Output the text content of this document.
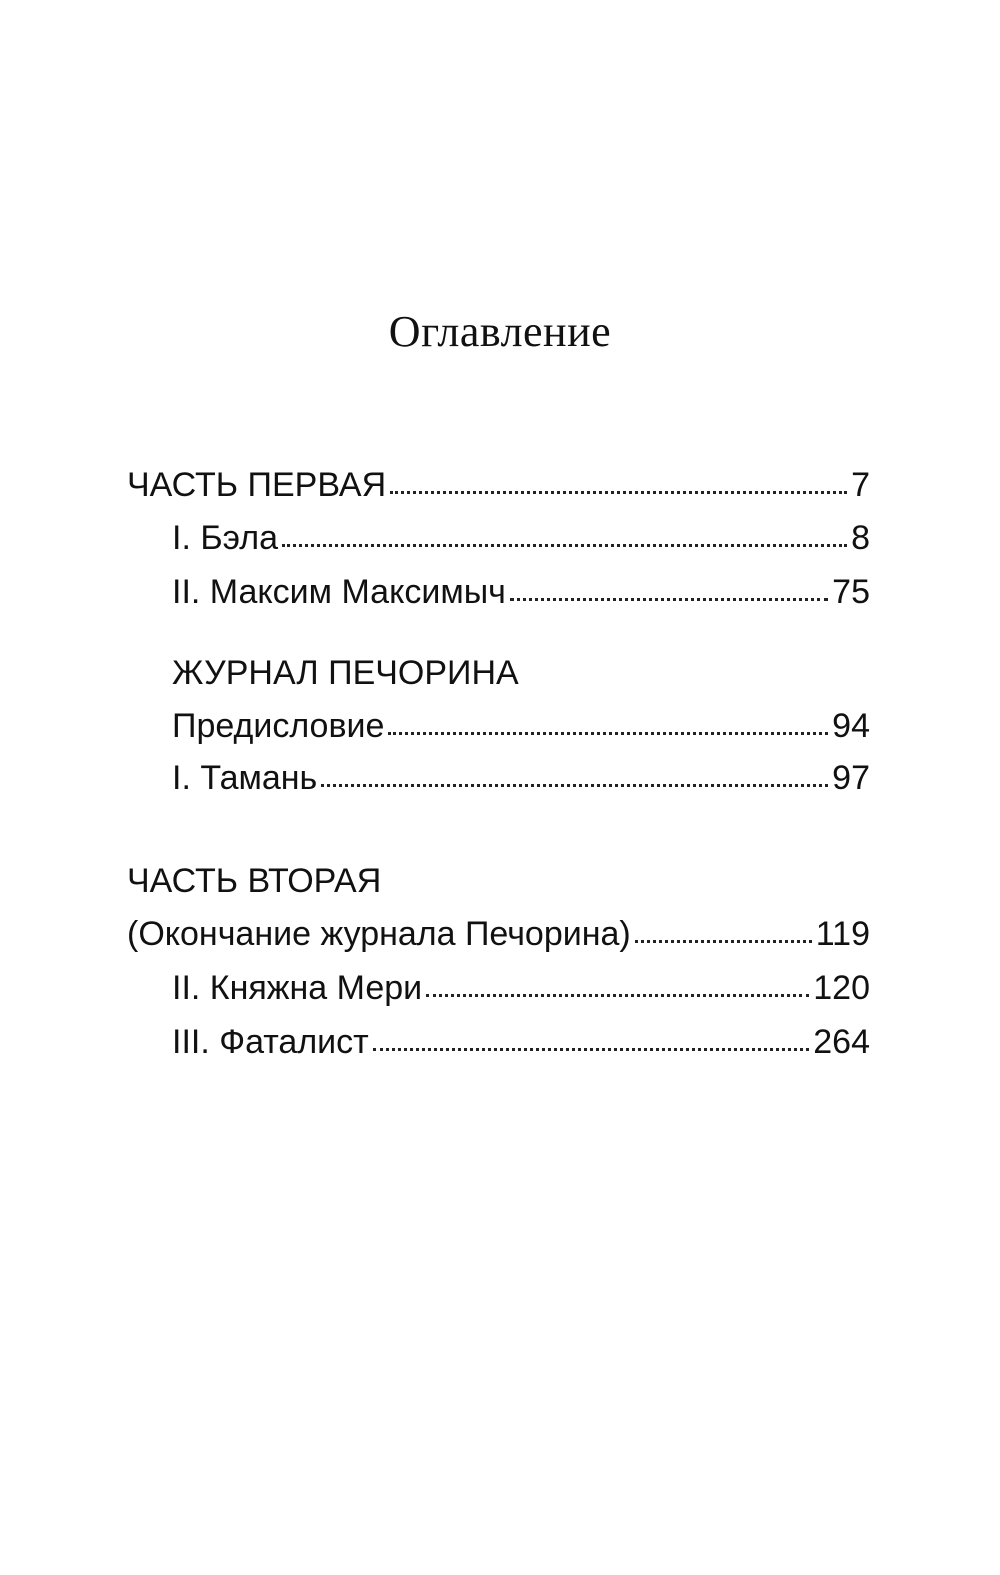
Оглавление
ЧАСТЬ ПЕРВАЯ	7
I. Бэла	8
II. Максим Максимыч	75
ЖУРНАЛ ПЕЧОРИНА
Предисловие	94
I. Тамань	97
ЧАСТЬ ВТОРАЯ
(Окончание журнала Печорина)	119
II. Княжна Мери	120
III. Фаталист	264
